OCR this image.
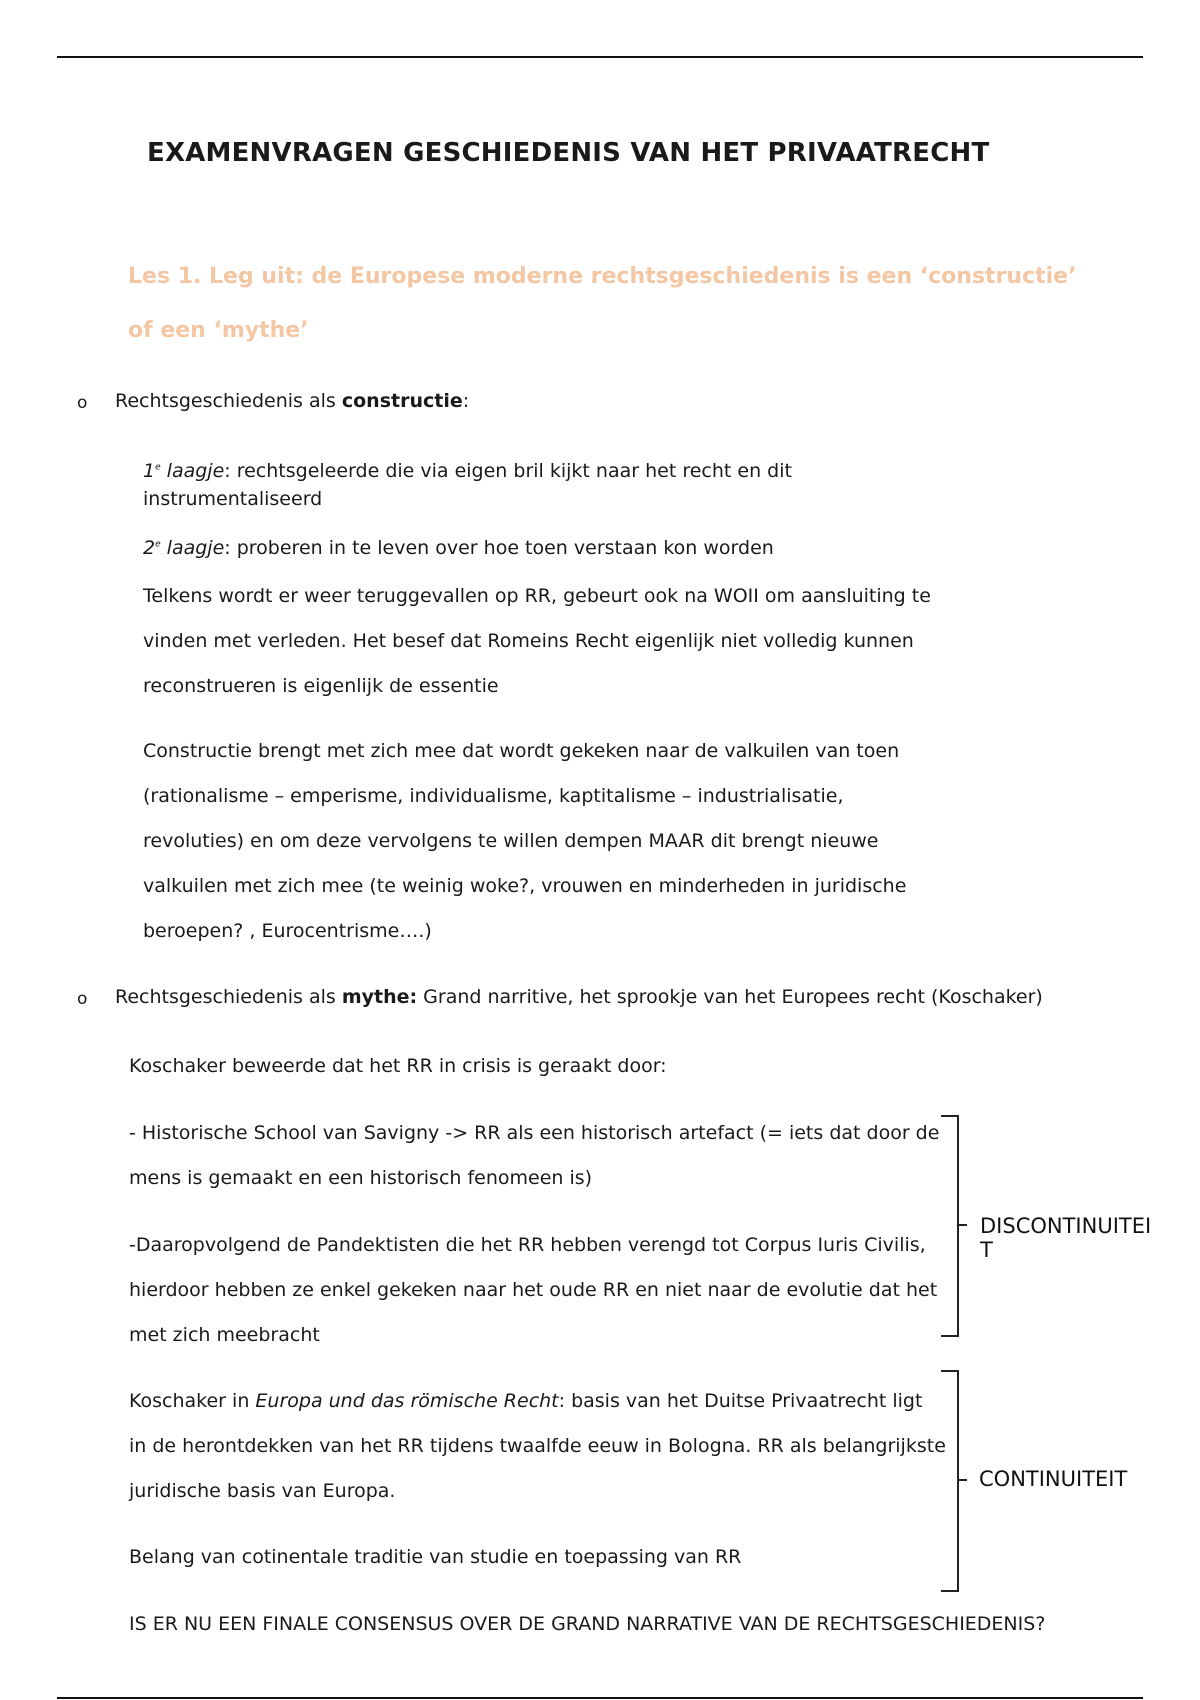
EXAMENVRAGEN GESCHIEDENIS VAN HET PRIVAATRECHT
Les 1. Leg uit: de Europese moderne rechtsgeschiedenis is een ‘constructie’
of een ‘mythe’
o Rechtsgeschiedenis als constructie:
1e laagje: rechtsgeleerde die via eigen bril kijkt naar het recht en dit
instrumentaliseerd
2e laagje: proberen in te leven over hoe toen verstaan kon worden
Telkens wordt er weer teruggevallen op RR, gebeurt ook na WOII om aansluiting te
vinden met verleden. Het besef dat Romeins Recht eigenlijk niet volledig kunnen
reconstrueren is eigenlijk de essentie
Constructie brengt met zich mee dat wordt gekeken naar de valkuilen van toen
(rationalisme – emperisme, individualisme, kaptitalisme – industrialisatie,
revoluties) en om deze vervolgens te willen dempen MAAR dit brengt nieuwe
valkuilen met zich mee (te weinig woke?, vrouwen en minderheden in juridische
beroepen? , Eurocentrisme….)
o Rechtsgeschiedenis als mythe: Grand narritive, het sprookje van het Europees recht (Koschaker)
Koschaker beweerde dat het RR in crisis is geraakt door:
- Historische School van Savigny -> RR als een historisch artefact (= iets dat door de
mens is gemaakt en een historisch fenomeen is)
-Daaropvolgend de Pandektisten die het RR hebben verengd tot Corpus Iuris Civilis,
hierdoor hebben ze enkel gekeken naar het oude RR en niet naar de evolutie dat het
met zich meebracht
DISCONTINUITEI
T
Koschaker in Europa und das römische Recht: basis van het Duitse Privaatrecht ligt
in de herontdekken van het RR tijdens twaalfde eeuw in Bologna. RR als belangrijkste
juridische basis van Europa.
Belang van cotinentale traditie van studie en toepassing van RR
CONTINUITEIT
IS ER NU EEN FINALE CONSENSUS OVER DE GRAND NARRATIVE VAN DE RECHTSGESCHIEDENIS?
